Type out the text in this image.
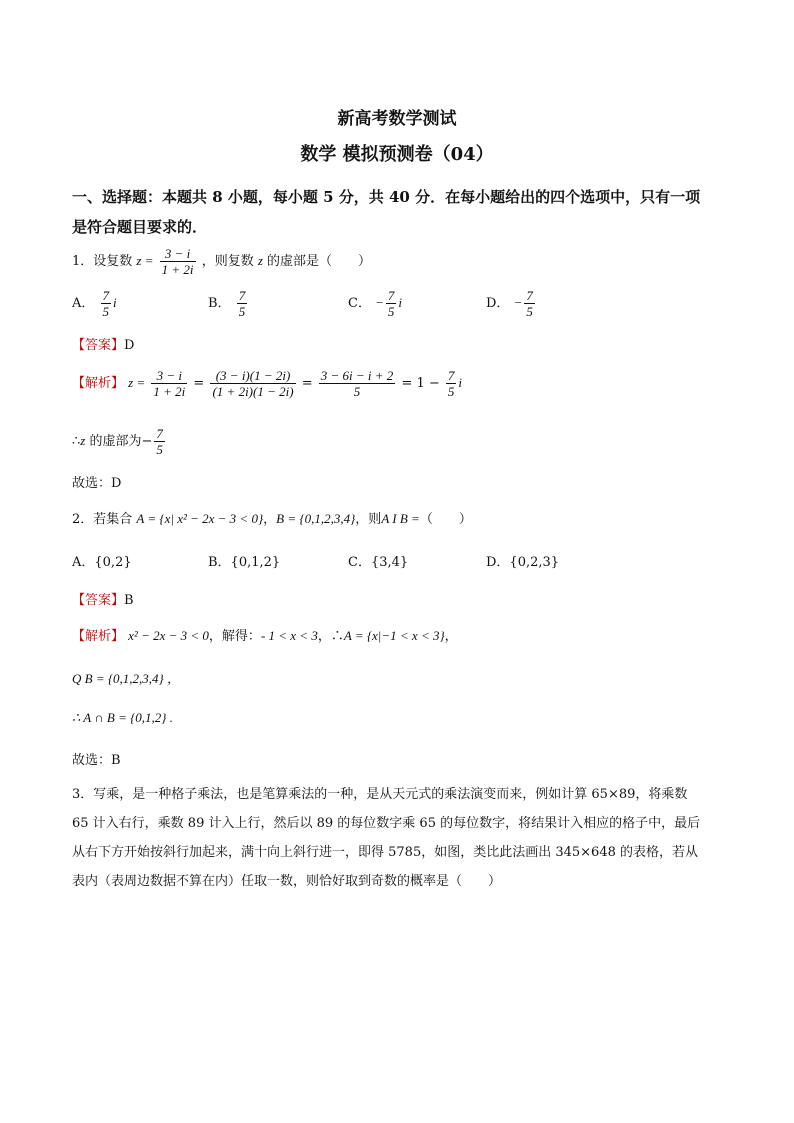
新高考数学测试
数学 模拟预测卷（04）
一、选择题：本题共 8 小题，每小题 5 分，共 40 分．在每小题给出的四个选项中，只有一项
是符合题目要求的．
1．设复数 $z = \frac{3 - i}{1 + 2i}$ ，则复数 z 的虚部是（　　）
A． $\frac{7}{5}$ i	B． $\frac{7}{5}$	C． − $\frac{7}{5}$ i	D． − $\frac{7}{5}$
【答案】D
【解析】 $z = \frac{3 - i}{1 + 2i} = \frac{(3 - i)(1 - 2i)}{(1 + 2i)(1 - 2i)} = \frac{3 - 6i - i + 2}{5} = 1 - \frac{7}{5}$ i
∴z 的虚部为− $\frac{7}{5}$
故选：D
2．若集合 A = {x| x² − 2x − 3 < 0}，B = {0,1,2,3,4}，则A I B =（　　）
A．{0,2}	B．{0,1,2}	C．{3,4}	D．{0,2,3}
【答案】B
【解析】 x² − 2x − 3 < 0，解得：- 1 < x < 3，∴A = {x|−1 < x < 3}，
Q B = {0,1,2,3,4} ，
∴ A ∩ B = {0,1,2} .
故选：B
3．写乘，是一种格子乘法，也是笔算乘法的一种，是从天元式的乘法演变而来，例如计算 65×89，将乘数
65 计入右行，乘数 89 计入上行，然后以 89 的每位数字乘 65 的每位数字，将结果计入相应的格子中，最后
从右下方开始按斜行加起来，满十向上斜行进一，即得 5785，如图，类比此法画出 345×648 的表格，若从
表内（表周边数据不算在内）任取一数，则恰好取到奇数的概率是（　　）
